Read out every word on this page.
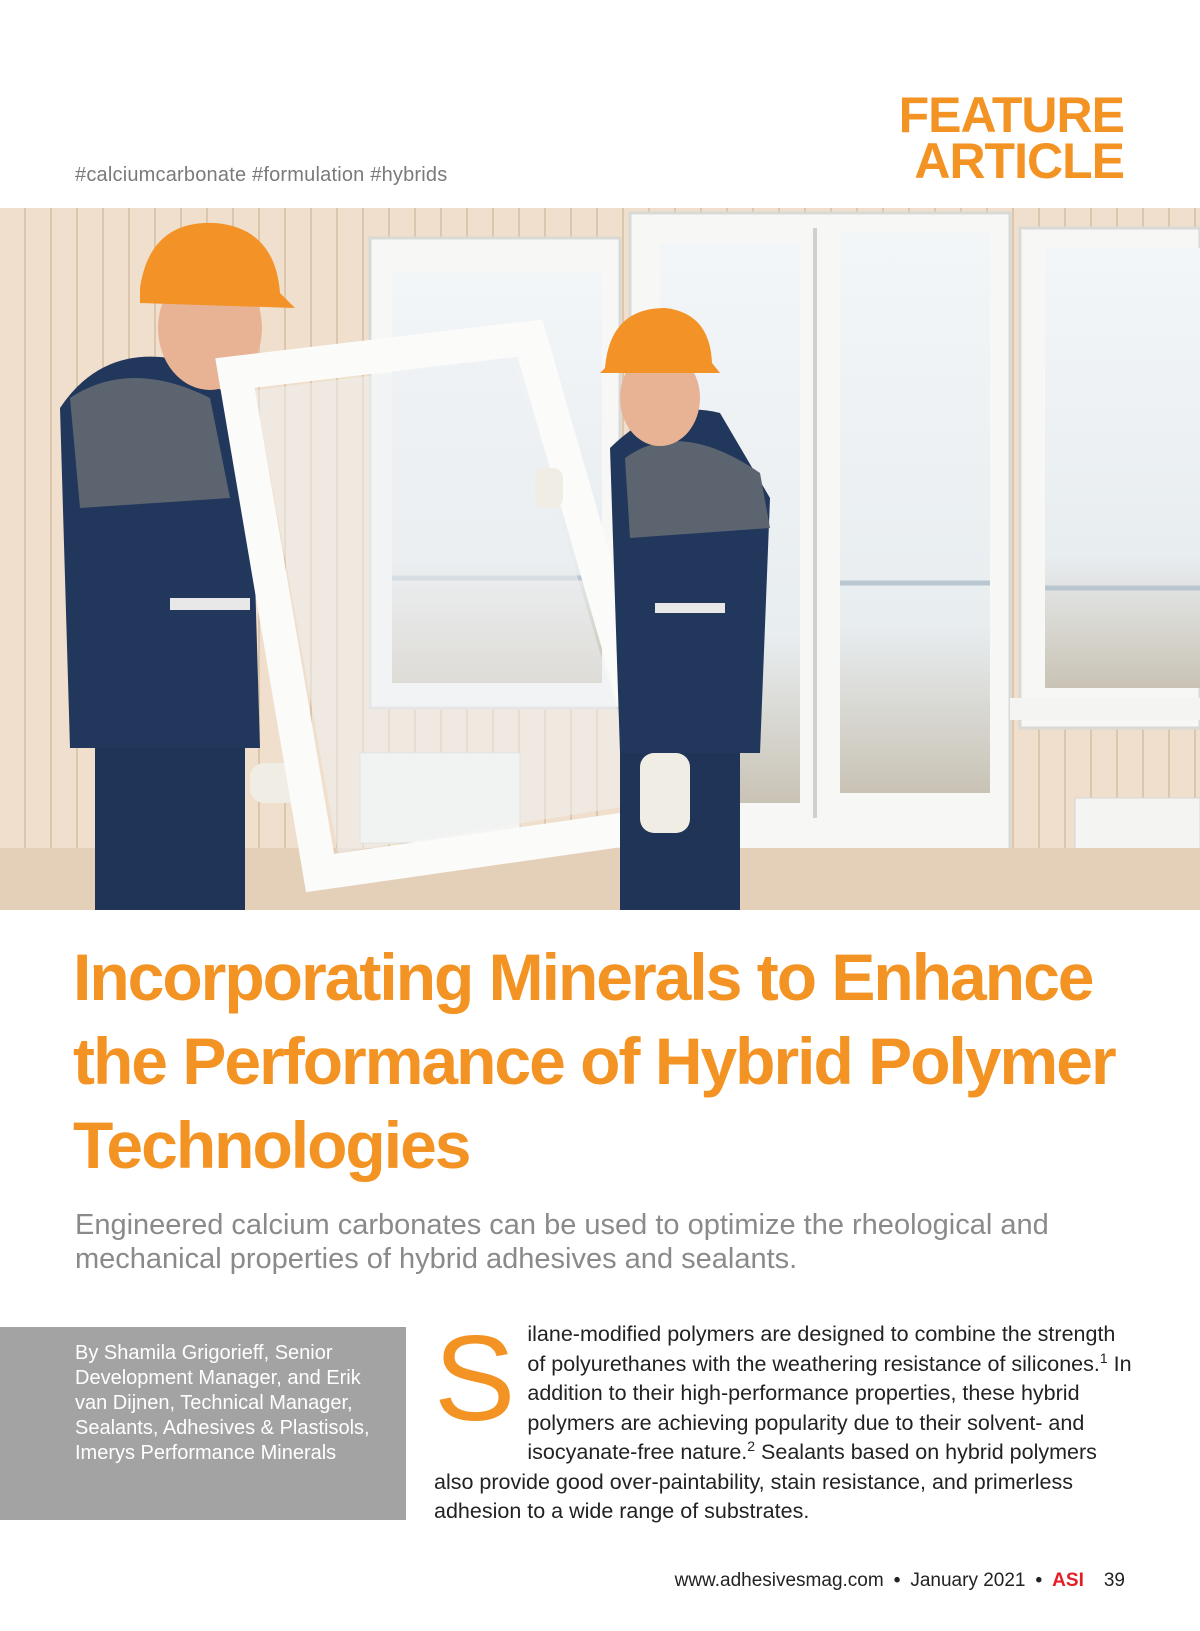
#calciumcarbonate #formulation #hybrids
FEATURE
ARTICLE
Incorporating Minerals to Enhance the Performance of Hybrid Polymer Technologies

Engineered calcium carbonates can be used to optimize the rheological and mechanical properties of hybrid adhesives and sealants.

By Shamila Grigorieff, Senior Development Manager, and Erik van Dijnen, Technical Manager, Sealants, Adhesives & Plastisols, Imerys Performance Minerals

Silane-modified polymers are designed to combine the strength of polyurethanes with the weathering resistance of silicones.$^1$ In addition to their high-performance properties, these hybrid polymers are achieving popularity due to their solvent- and isocyanate-free nature.$^2$ Sealants based on hybrid polymers also provide good over-paintability, stain resistance, and primerless adhesion to a wide range of substrates.

www.adhesivesmag.com • January 2021 • ASI 39
